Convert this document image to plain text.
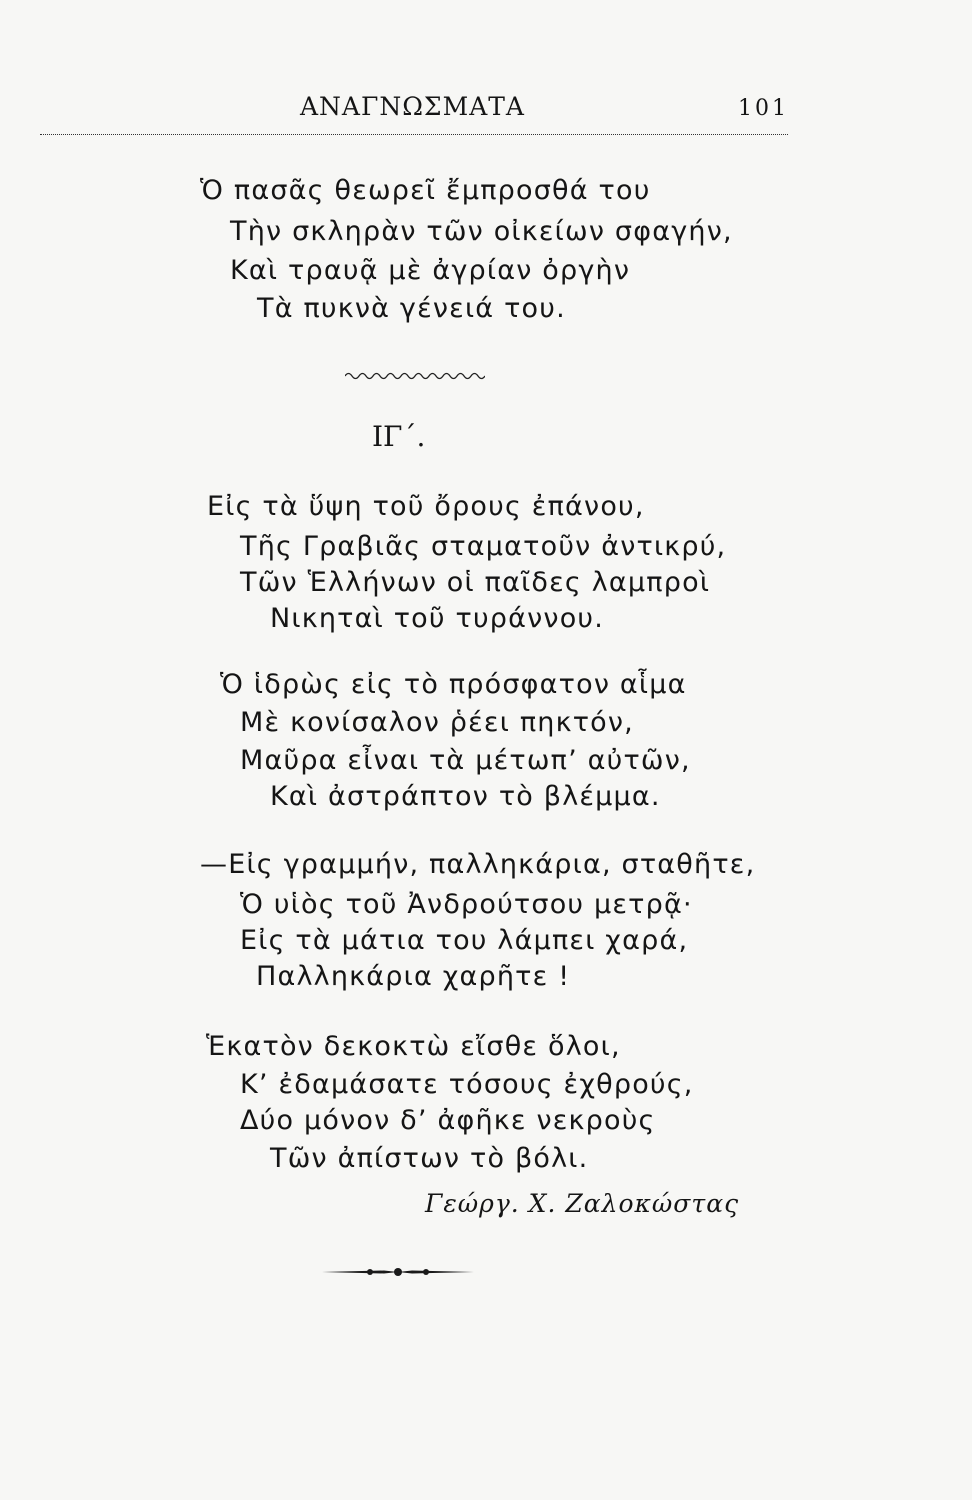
ΑΝΑΓΝΩΣΜΑΤΑ	101
Ὁ πασᾶς θεωρεῖ ἔμπροσθά του
Τὴν σκληρὰν τῶν οἰκείων σφαγήν,
Καὶ τραυᾷ μὲ ἀγρίαν ὀργὴν
Τὰ πυκνὰ γένειά του.
ΙΓ΄.
Εἰς τὰ ὕψη τοῦ ὄρους ἐπάνου,
Τῆς Γραβιᾶς σταματοῦν ἀντικρύ,
Τῶν Ἑλλήνων οἱ παῖδες λαμπροὶ
Νικηταὶ τοῦ τυράννου.
Ὁ ἱδρὼς εἰς τὸ πρόσφατον αἷμα
Μὲ κονίσαλον ῥέει πηκτόν,
Μαῦρα εἶναι τὰ μέτωπ’ αὐτῶν,
Καὶ ἀστράπτον τὸ βλέμμα.
—Εἰς γραμμήν, παλληκάρια, σταθῆτε,
Ὁ υἱὸς τοῦ Ἀνδρούτσου μετρᾷ·
Εἰς τὰ μάτια του λάμπει χαρά,
Παλληκάρια χαρῆτε !
Ἑκατὸν δεκοκτὼ εἴσθε ὅλοι,
Κ’ ἐδαμάσατε τόσους ἐχθρούς,
Δύο μόνον δ’ ἀφῆκε νεκροὺς
Τῶν ἀπίστων τὸ βόλι.
Γεώργ. Χ. Ζαλοκώστας
